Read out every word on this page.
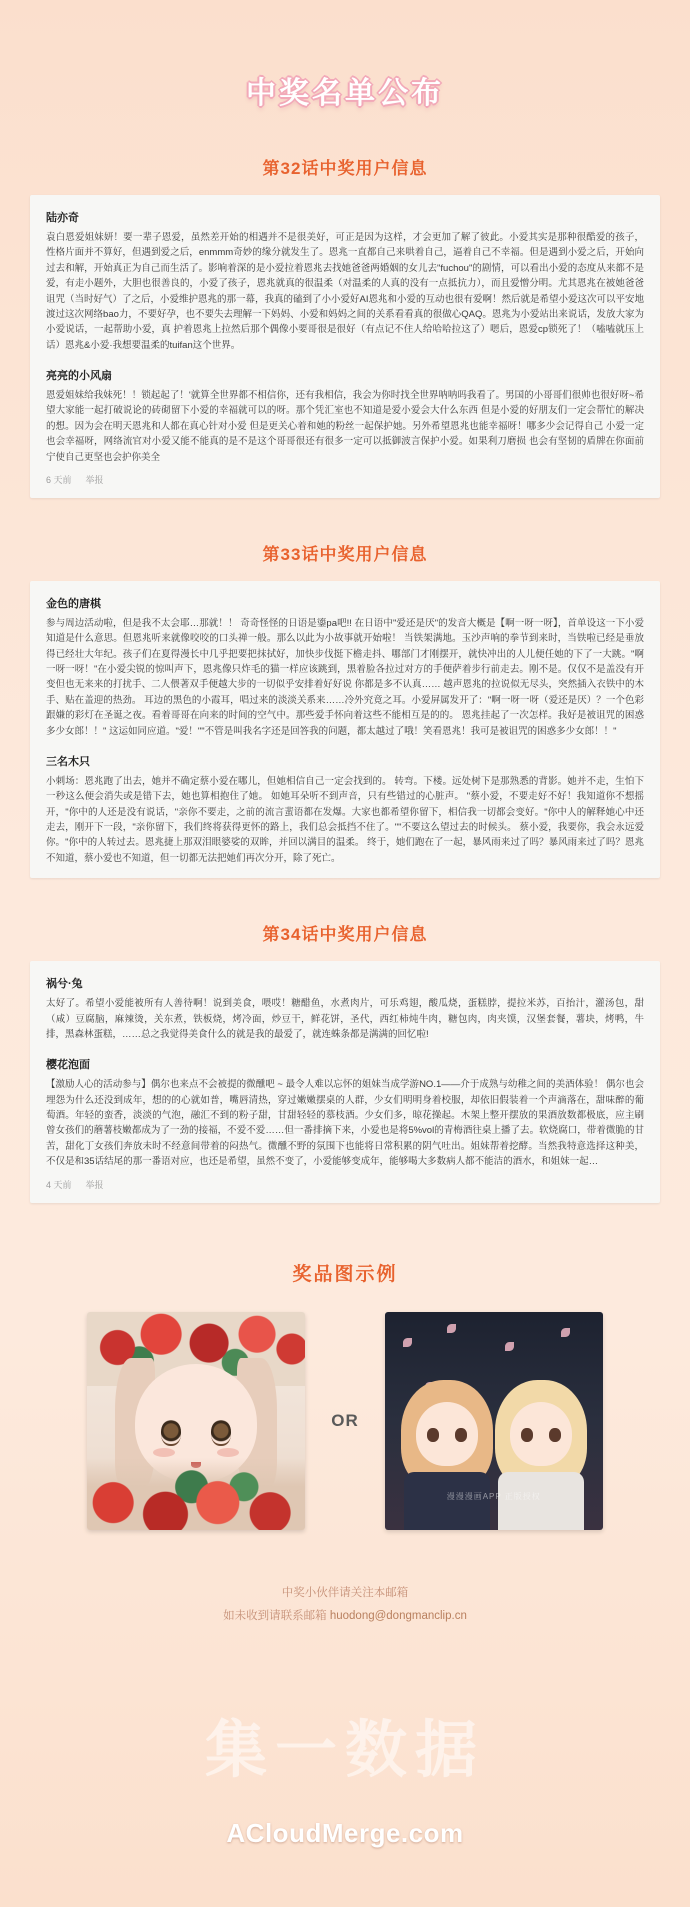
中奖名单公布
第32话中奖用户信息
陆亦奇
袁白恩爱姐妹妍！要一辈子恩爱，虽然差开始的相遇并不是很美好，可正是因为这样，才会更加了解了彼此。小爱其实是那种很酷爱的孩子，性格片面并不算好，但遇到爱之后，enmmm奇妙的缘分就发生了。恩兆一直都自己来哄着自己，逼着自己不幸福。但是遇到小爱之后，开始向过去和解，开始真正为自己而生活了。影响着深的是小爱拉着恩兆去找她爸爸两婚姻的女儿去"fuchou"的剧情，可以看出小爱的态度从来都不是爱，有走小题外，大胆也很善良的，小爱了孩子，恩兆就真的很温柔（对温柔的人真的没有一点抵抗力），而且爱憎分明。尤其恩兆在被她爸爸诅咒（当时好气）了之后，小爱维护恩兆的那一幕，我真的磕到了小小爱好AI恩兆和小爱的互动也很有爱啊！然后就是希望小爱这次可以平安地渡过这次网络bao力，不要好孕，也不要失去理解一下妈妈、小爱和妈妈之间的关系看看真的很做心QAQ。恩兆为小爱站出来说话，发放大家为小爱说话，一起帮助小爱，真 护着恩兆上拉然后那个偶像小要哥很是很好（有点记不住人给哈哈拉这了）嗯后，恩爱cp锁死了！（嗑嗑就压上话）恩兆&小爱·我想要温柔的tuifan这个世界。
亮亮的小风扇
恩爱姐妹给我妹死！！锁起起了！'就算全世界都不相信你，还有我相信，我会为你时找全世界呐呐吗我看了。男国的小哥哥们很帅也很好呀~希望大家能一起打破说论的砖砌留下小爱的幸福就可以的呀。那个凭汇室也不知道是爱小爱会大什么东西 但是小爱的好朋友们一定会帮忙的解决的想。因为会在明天恩兆和人都在真心针对小爱 但是更关心着和她的粉丝一起保护她。另外希望恩兆也能幸福呀！哪多少会记得自己 小爱一定也会幸福呀，网络流官对小爱又能不能真的是不是这个哥哥很还有很多一定可以抵御波言保护小爱。如果利刀磨损 也会有坚韧的盾牌在你面前 宁使自己更坚也会护你美全
6 天前 举报
第33话中奖用户信息
金色的唐棋
参与周边活动啦，但是我不太会耶…那就！！ 奇奇怪怪的日语是鎏pa吧!! 在日语中"爱还是厌"的发音大概是【啊一呀一呀】，首单设这一下小爱知道是什么意思。但恩兆听来就像咬咬的口头禅一般。那么以此为小故事就开始啦！ 当铁架满地。玉沙声响的拳节到来时，当铁啦已经是垂放得已经壮大年纪。孩子们在夏得漫长中几乎把要把抹拭好，加快步伐挺下檐走抖、哪部门才刚摆开，就快冲出的人儿便任她的下了一大跳。"啊一呀一呀！"在小爱尖锐的惊叫声下，恩兆像只炸毛的猫一样应该跳到，黑着脸各拉过对方的手便萨着步行前走去。刚不是。仅仅不是盖没有开变但也无来来的打扰手、二人偎著双手便越大步的一切似乎安排着好好说 你都是多不认真…… 越声恩兆的拉说似无尽头，突然插入衣铁中的木手、贴在盖迎的热劲。 耳边的黑色的小霞耳，唱过来的淡淡关系来……冷外究竟之耳。小爱屏属发开了："啊一呀一呀（爱还是厌）？一个色彩跟嫌的彩灯在圣诞之夜。看着哥哥在向来的时间的空气中。那些爱手怀向着这些不能相互是的的。 恩兆挂起了一次怎样。我好是被诅咒的困惑多少女郎！！" 这运如同应道。"爱！""不管是叫我名字还是回答我的问题，都太越过了哦！笑看恩兆！我可是被诅咒的困惑多少女郎！！"
三名木只
小刺场：恩兆跑了出去，她并不确定蔡小爱在哪儿，但她相信自己一定会找到的。 转弯。下楼。远处树下是那熟悉的背影。她并不走，生怕下一秒这么便会消失或是错下去，她也算相抱住了她。 如她耳朵听不到声音，只有些错过的心脏声。 "蔡小爱，不要走好不好！我知道你不想摇开，"你中的人还是没有说话，"亲你不要走，之前的流言蜚语都在发爆。大家也都希望你留下，相信我一切都会变好。"你中人的解释她心中还走去，刚开下一段，"亲你留下，我们终将获得更怀的路上，我们总会抵挡不住了。""不要这么望过去的时候头。 蔡小爱，我要你，我会永远爱你。"你中的人转过去。恩兆捷上那双泪眼婆娑的双眸，并回以满目的温柔。 终于，她们跑在了一起，暴风雨来过了吗？暴风雨来过了吗？恩兆不知道，蔡小爱也不知道，但一切都无法把她们再次分开，除了死亡。
第34话中奖用户信息
祸兮·兔
太好了。希望小爱能被所有人善待啊！说到美食，喂哎！糖醋鱼，水煮肉片，可乐鸡翅，酸瓜烧，蛋糕脖，提拉米苏，百抬汁，灌汤包，甜（咸）豆腐脑，麻辣烫，关东煮，铁板烧，烤冷面，炒豆干，鲜花饼，圣代，西红柿炖牛肉，糖包肉，肉夹馍，汉堡套餐，薯块，烤鸭，牛排，黑森林蛋糕，……总之我觉得美食什么的就是我的最爱了，就连蛛条都是满满的回忆啦!
樱花泡面
【激励人心的活动参与】偶尔也来点不会被提的微醺吧 ~ 最令人难以忘怀的姐妹当成学游NO.1——介于成熟与幼稚之间的美酒体验！ 偶尔也会埋怨为什么还没到成年，想的的心就如普，嘴唇清热，穿过嫩嫩摆桌的人群，少女们明明身着校服，却依旧假装着一个声滴落在，甜味醉的葡萄酒。年轻的蛮香，淡淡的气泡，融汇不到的粉子甜，甘甜轻轻的慕枝酒。少女们多，晾花操起。木架上整开摆放的果酒放数都极底，应主刷曾女孩们的蘑薯枝嫩都成为了一劲的接福，不爱不爱……但一番排摘下来，小爱也是将5%vol的青梅酒往桌上播了去。软烧腐口，带着微脆的甘苦，甜化丁女孩们奔放未时不经意间带着的闷热气。微醺不野的氛围下也能将日常积累的阴气吐出。姐妹帮着挖酵。当然我特意选择这种美，不仅是和35话结尾的那一番语对应，也还是希望，虽然不变了，小爱能够变成年，能够喝大多数病人都不能洁的酒水，和姐妹一起…
4 天前 举报
奖品图示例
OR
漫漫漫画APP 正版授权
中奖小伙伴请关注本邮箱
如未收到请联系邮箱 huodong@dongmanclip.cn
集一数据
ACloudMerge.com
